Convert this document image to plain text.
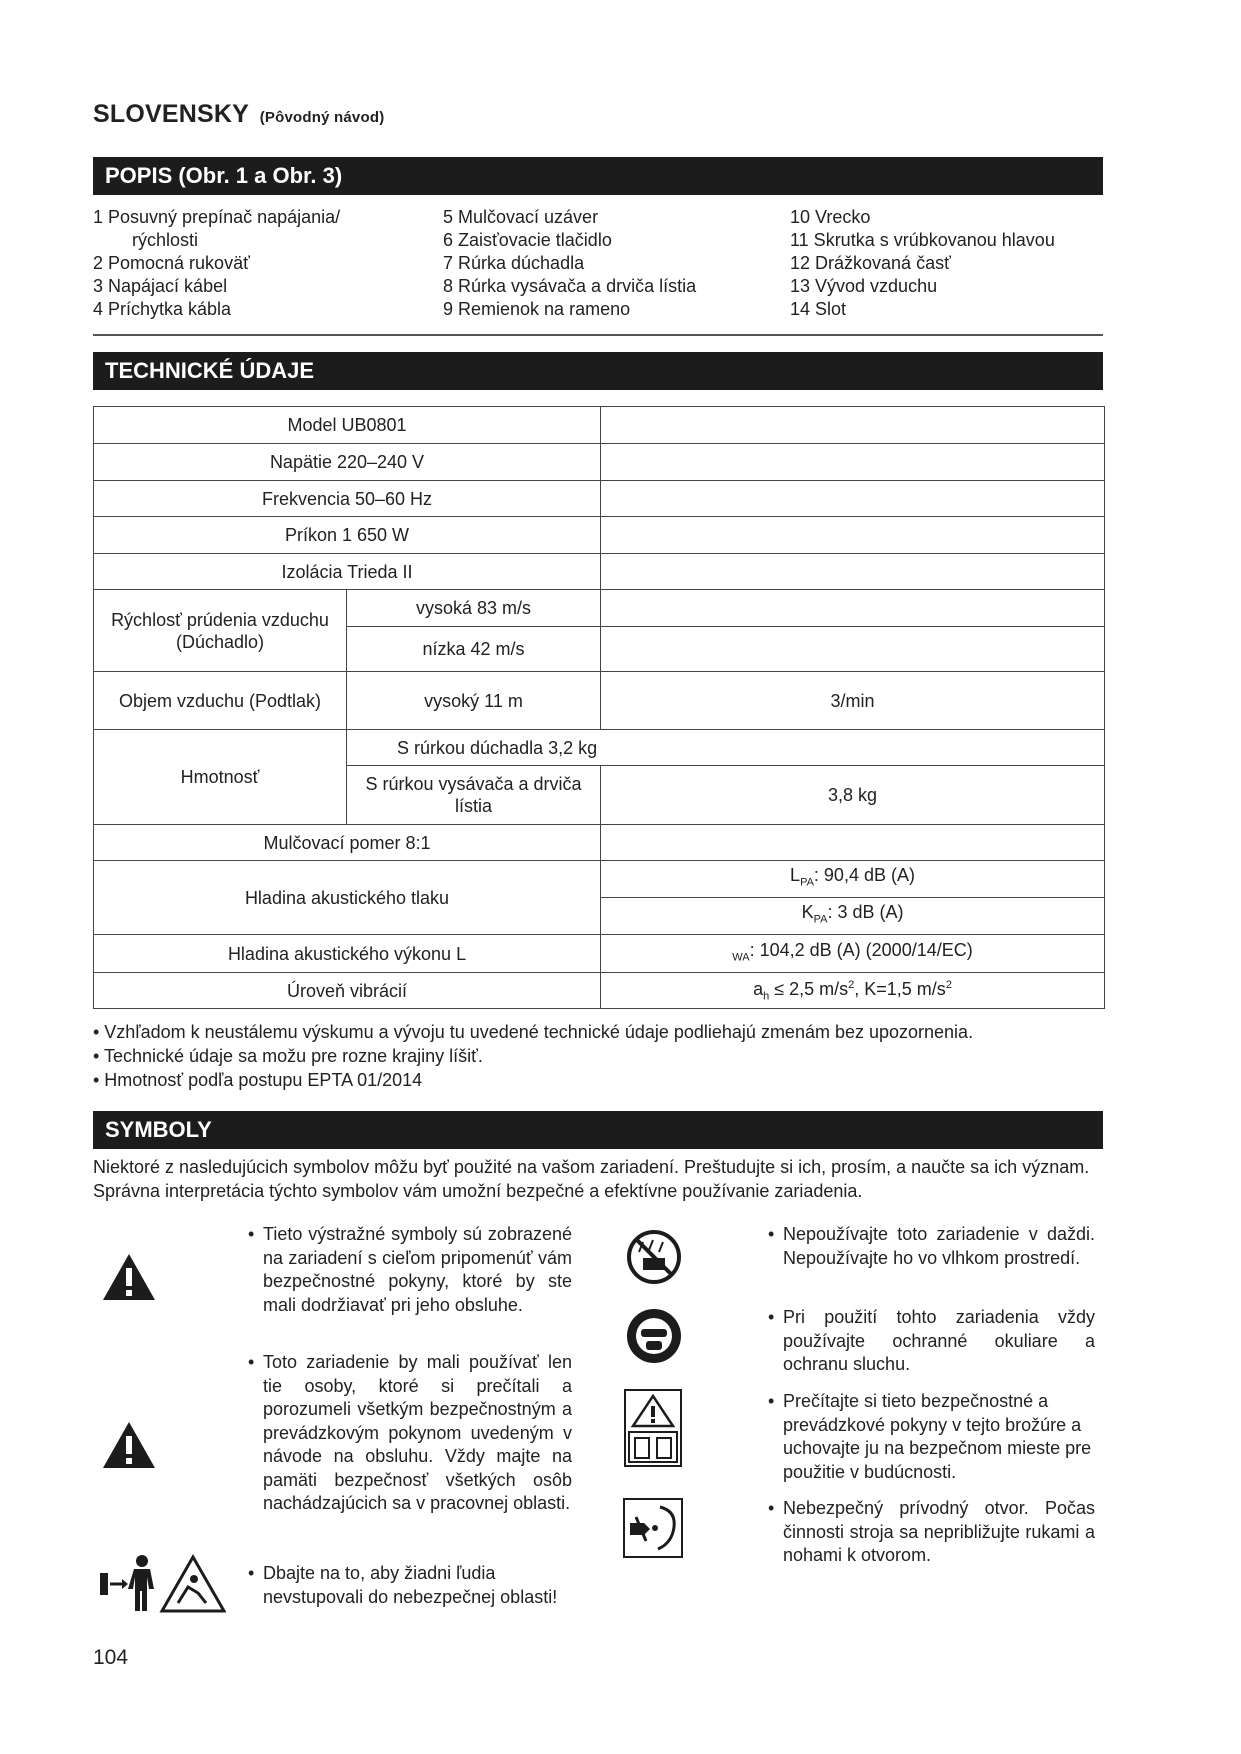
SLOVENSKY (Pôvodný návod)
POPIS (Obr. 1 a Obr. 3)
1 Posuvný prepínač napájania/
rýchlosti
2 Pomocná rukoväť
3 Napájací kábel
4 Príchytka kábla
5 Mulčovací uzáver
6 Zaisťovacie tlačidlo
7 Rúrka dúchadla
8 Rúrka vysávača a drviča lístia
9 Remienok na rameno
10 Vrecko
11 Skrutka s vrúbkovanou hlavou
12 Drážkovaná časť
13 Vývod vzduchu
14 Slot
TECHNICKÉ ÚDAJE
Model UB0801		
Napätie 220–240 V		
Frekvencia 50–60 Hz		
Príkon 1 650 W		
Izolácia Trieda II		
Rýchlosť prúdenia vzduchu (Dúchadlo)	vysoká 83 m/s	
	nízka 42 m/s	
Objem vzduchu (Podtlak)	vysoký 11 m	3/min
Hmotnosť	S rúrkou dúchadla 3,2 kg	
	S rúrkou vysávača a drviča lístia	3,8 kg
Mulčovací pomer 8:1		
Hladina akustického tlaku		$L_{PA}$: 90,4 dB (A)
		$K_{PA}$: 3 dB (A)
Hladina akustického výkonu L		$_{WA}$: 104,2 dB (A) (2000/14/EC)
Úroveň vibrácií		$a_h \le 2,5$ $m/s^2$, K=1,5 $m/s^2$
• Vzhľadom k neustálemu výskumu a vývoju tu uvedené technické údaje podliehajú zmenám bez upozornenia.
• Technické údaje sa možu pre rozne krajiny líšiť.
• Hmotnosť podľa postupu EPTA 01/2014
SYMBOLY
Niektoré z nasledujúcich symbolov môžu byť použité na vašom zariadení. Preštudujte si ich, prosím, a naučte sa ich význam. Správna interpretácia týchto symbolov vám umožní bezpečné a efektívne používanie zariadenia.
• Tieto výstražné symboly sú zobrazené na zariadení s cieľom pripomenúť vám bezpečnostné pokyny, ktoré by ste mali dodržiavať pri jeho obsluhe.
• Toto zariadenie by mali používať len tie osoby, ktoré si prečítali a porozumeli všetkým bezpečnostným a prevádzkovým pokynom uvedeným v návode na obsluhu. Vždy majte na pamäti bezpečnosť všetkých osôb nachádzajúcich sa v pracovnej oblasti.
• Dbajte na to, aby žiadni ľudia nevstupovali do nebezpečnej oblasti!
• Nepoužívajte toto zariadenie v daždi. Nepoužívajte ho vo vlhkom prostredí.
• Pri použití tohto zariadenia vždy používajte ochranné okuliare a ochranu sluchu.
• Prečítajte si tieto bezpečnostné a prevádzkové pokyny v tejto brožúre a uchovajte ju na bezpečnom mieste pre použitie v budúcnosti.
• Nebezpečný prívodný otvor. Počas činnosti stroja sa nepribližujte rukami a nohami k otvorom.
104
